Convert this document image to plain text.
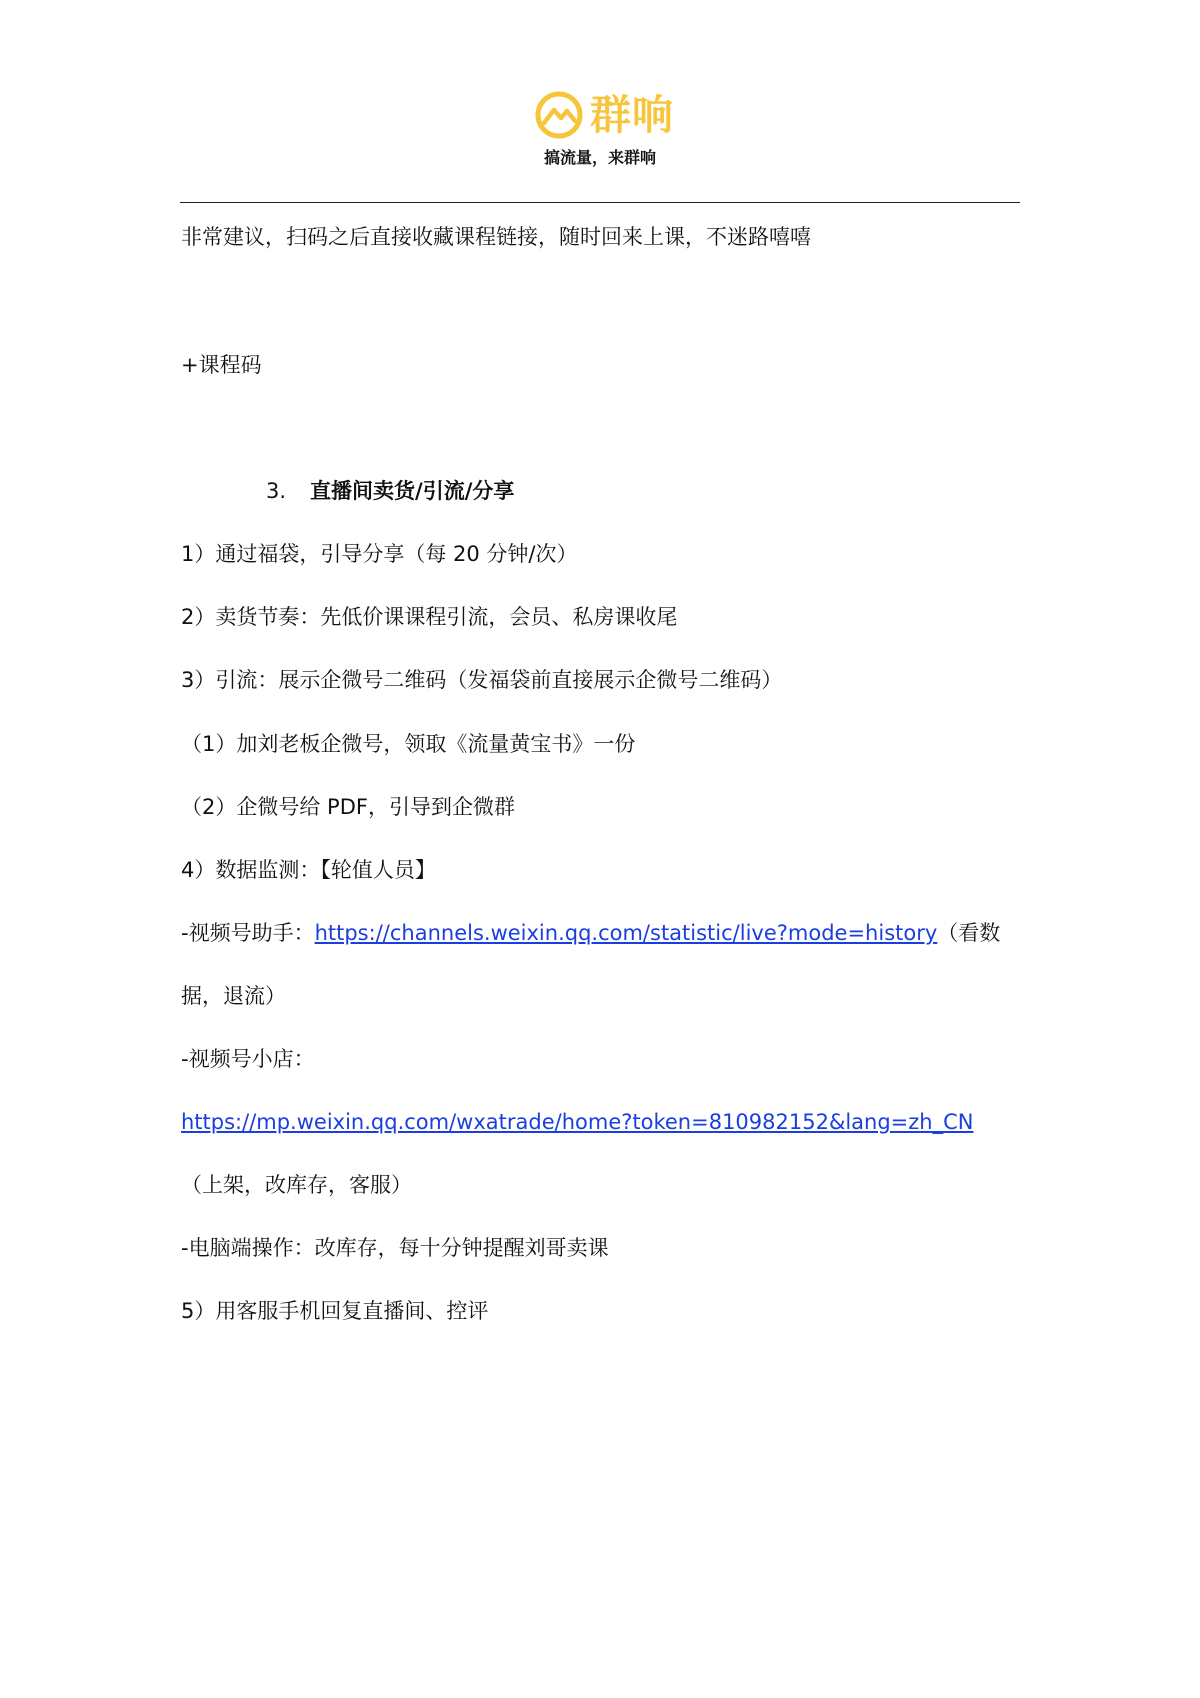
群响
搞流量，来群响
非常建议，扫码之后直接收藏课程链接，随时回来上课，不迷路嘻嘻
+课程码
3. 直播间卖货/引流/分享
1）通过福袋，引导分享（每 20 分钟/次）
2）卖货节奏：先低价课课程引流，会员、私房课收尾
3）引流：展示企微号二维码（发福袋前直接展示企微号二维码）
（1）加刘老板企微号，领取《流量黄宝书》一份
（2）企微号给 PDF，引导到企微群
4）数据监测：【轮值人员】
-视频号助手：https://channels.weixin.qq.com/statistic/live?mode=history（看数
据，退流）
-视频号小店：
https://mp.weixin.qq.com/wxatrade/home?token=810982152&lang=zh_CN
（上架，改库存，客服）
-电脑端操作：改库存，每十分钟提醒刘哥卖课
5）用客服手机回复直播间、控评
